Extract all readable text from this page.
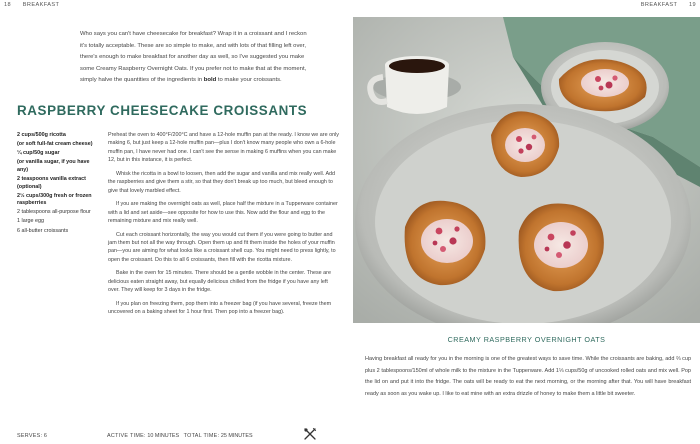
18 BREAKFAST
Who says you can't have cheesecake for breakfast? Wrap it in a croissant and I reckon it's totally acceptable. These are so simple to make, and with lots of that filling left over, there's enough to make breakfast for another day as well, so I've suggested you make some Creamy Raspberry Overnight Oats. If you prefer not to make that at the moment, simply halve the quantities of the ingredients in bold to make your croissants.
RASPBERRY CHEESECAKE CROISSANTS
2 cups/500g ricotta
(or soft full-fat cream cheese)
¼ cup/50g sugar
(or vanilla sugar, if you have any)
2 teaspoons vanilla extract (optional)
2½ cups/300g fresh or frozen raspberries
2 tablespoons all-purpose flour
1 large egg
6 all-butter croissants

Preheat the oven to 400°F/200°C and have a 12-hole muffin pan at the ready. I know we are only making 6, but just keep a 12-hole muffin pan—plus I don't know many people who own a 6-hole muffin pan, I have never had one. I can't see the sense in making 6 muffins when you can make 12, but in this instance, it is perfect.

Whisk the ricotta in a bowl to loosen, then add the sugar and vanilla and mix really well. Add the raspberries and give them a stir, so that they don't break up too much, but bleed enough to give that lovely marbled effect.

If you are making the overnight oats as well, place half the mixture in a Tupperware container with a lid and set aside—see opposite for how to use this. Now add the flour and egg to the remaining mixture and mix really well.

Cut each croissant horizontally, the way you would cut them if you were going to butter and jam them but not all the way through. Open them up and fit them inside the holes of your muffin pan—you are aiming for what looks like a croissant shell cup. You might need to press lightly, to open the croissant. Do this to all 6 croissants, then fill with the ricotta mixture.

Bake in the oven for 15 minutes. There should be a gentle wobble in the center. These are delicious eaten straight away, but equally delicious chilled from the fridge if you have any left over. They will keep for 3 days in the fridge.

If you plan on freezing them, pop them into a freezer bag (if you have several, freeze them uncovered on a baking sheet for 1 hour first. Then pop into a freezer bag).

SERVES: 6	ACTIVE TIME: 10 MINUTES TOTAL TIME: 25 MINUTES
BREAKFAST 19
CREAMY RASPBERRY OVERNIGHT OATS
Having breakfast all ready for you in the morning is one of the greatest ways to save time. While the croissants are baking, add ⅔ cup plus 2 tablespoons/150ml of whole milk to the mixture in the Tupperware. Add 1⅓ cups/50g of uncooked rolled oats and mix well. Pop the lid on and put it into the fridge. The oats will be ready to eat the next morning, or the morning after that. You will have breakfast ready as soon as you wake up. I like to eat mine with an extra drizzle of honey to make them a little bit sweeter.
